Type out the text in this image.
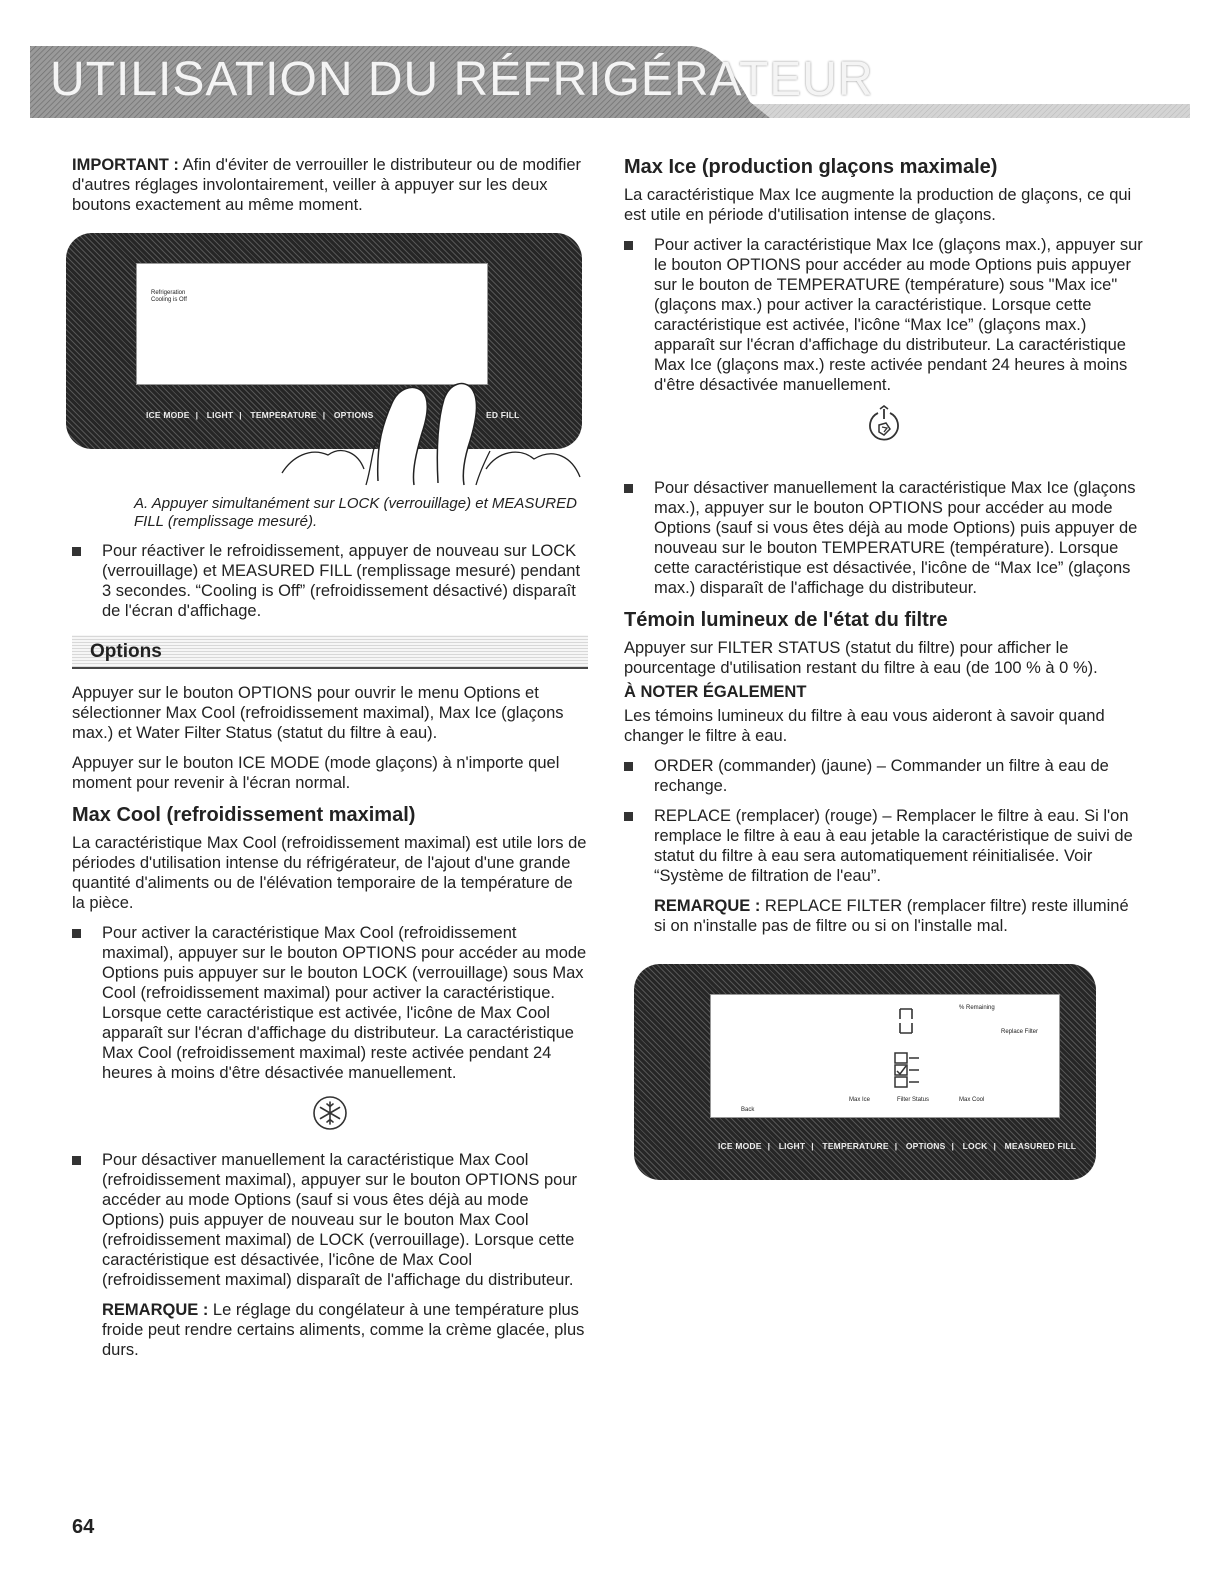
UTILISATION DU RÉFRIGÉRATEUR

IMPORTANT : Afin d'éviter de verrouiller le distributeur ou de modifier d'autres réglages involontairement, veiller à appuyer sur les deux boutons exactement au même moment.

Refrigeration
Cooling is Off
ICE MODE | LIGHT | TEMPERATURE | OPTIONS	ED FILL

A. Appuyer simultanément sur LOCK (verrouillage) et MEASURED FILL (remplissage mesuré).

Pour réactiver le refroidissement, appuyer de nouveau sur LOCK (verrouillage) et MEASURED FILL (remplissage mesuré) pendant 3 secondes. “Cooling is Off” (refroidissement désactivé) disparaît de l'écran d'affichage.
Options

Appuyer sur le bouton OPTIONS pour ouvrir le menu Options et sélectionner Max Cool (refroidissement maximal), Max Ice (glaçons max.) et Water Filter Status (statut du filtre à eau).

Appuyer sur le bouton ICE MODE (mode glaçons) à n'importe quel moment pour revenir à l'écran normal.

Max Cool (refroidissement maximal)

La caractéristique Max Cool (refroidissement maximal) est utile lors de périodes d'utilisation intense du réfrigérateur, de l'ajout d'une grande quantité d'aliments ou de l'élévation temporaire de la température de la pièce.

Pour activer la caractéristique Max Cool (refroidissement maximal), appuyer sur le bouton OPTIONS pour accéder au mode Options puis appuyer sur le bouton LOCK (verrouillage) sous Max Cool (refroidissement maximal) pour activer la caractéristique. Lorsque cette caractéristique est activée, l'icône de Max Cool apparaît sur l'écran d'affichage du distributeur. La caractéristique Max Cool (refroidissement maximal) reste activée pendant 24 heures à moins d'être désactivée manuellement.
Pour désactiver manuellement la caractéristique Max Cool (refroidissement maximal), appuyer sur le bouton OPTIONS pour accéder au mode Options (sauf si vous êtes déjà au mode Options) puis appuyer de nouveau sur le bouton Max Cool (refroidissement maximal) de LOCK (verrouillage). Lorsque cette caractéristique est désactivée, l'icône de Max Cool (refroidissement maximal) disparaît de l'affichage du distributeur.

REMARQUE : Le réglage du congélateur à une température plus froide peut rendre certains aliments, comme la crème glacée, plus durs.

Max Ice (production glaçons maximale)

La caractéristique Max Ice augmente la production de glaçons, ce qui est utile en période d'utilisation intense de glaçons.

Pour activer la caractéristique Max Ice (glaçons max.), appuyer sur le bouton OPTIONS pour accéder au mode Options puis appuyer sur le bouton de TEMPERATURE (température) sous "Max ice" (glaçons max.) pour activer la caractéristique. Lorsque cette caractéristique est activée, l'icône “Max Ice” (glaçons max.) apparaît sur l'écran d'affichage du distributeur. La caractéristique Max Ice (glaçons max.) reste activée pendant 24 heures à moins d'être désactivée manuellement.
Pour désactiver manuellement la caractéristique Max Ice (glaçons max.), appuyer sur le bouton OPTIONS pour accéder au mode Options (sauf si vous êtes déjà au mode Options) puis appuyer de nouveau sur le bouton TEMPERATURE (température). Lorsque cette caractéristique est désactivée, l'icône de “Max Ice” (glaçons max.) disparaît de l'affichage du distributeur.
Témoin lumineux de l'état du filtre

Appuyer sur FILTER STATUS (statut du filtre) pour afficher le pourcentage d'utilisation restant du filtre à eau (de 100 % à 0 %).

À NOTER ÉGALEMENT

Les témoins lumineux du filtre à eau vous aideront à savoir quand changer le filtre à eau.

ORDER (commander) (jaune) – Commander un filtre à eau de rechange.
REPLACE (remplacer) (rouge) – Remplacer le filtre à eau. Si l'on remplace le filtre à eau à eau jetable la caractéristique de suivi de statut du filtre à eau sera automatiquement réinitialisée. Voir “Système de filtration de l'eau”.

REMARQUE : REPLACE FILTER (remplacer filtre) reste illuminé si on n'installe pas de filtre ou si on l'installe mal.

% Remaining
Replace Filter
Max Ice	Filter Status	Max Cool
Back
ICE MODE | LIGHT | TEMPERATURE | OPTIONS | LOCK | MEASURED FILL
64
